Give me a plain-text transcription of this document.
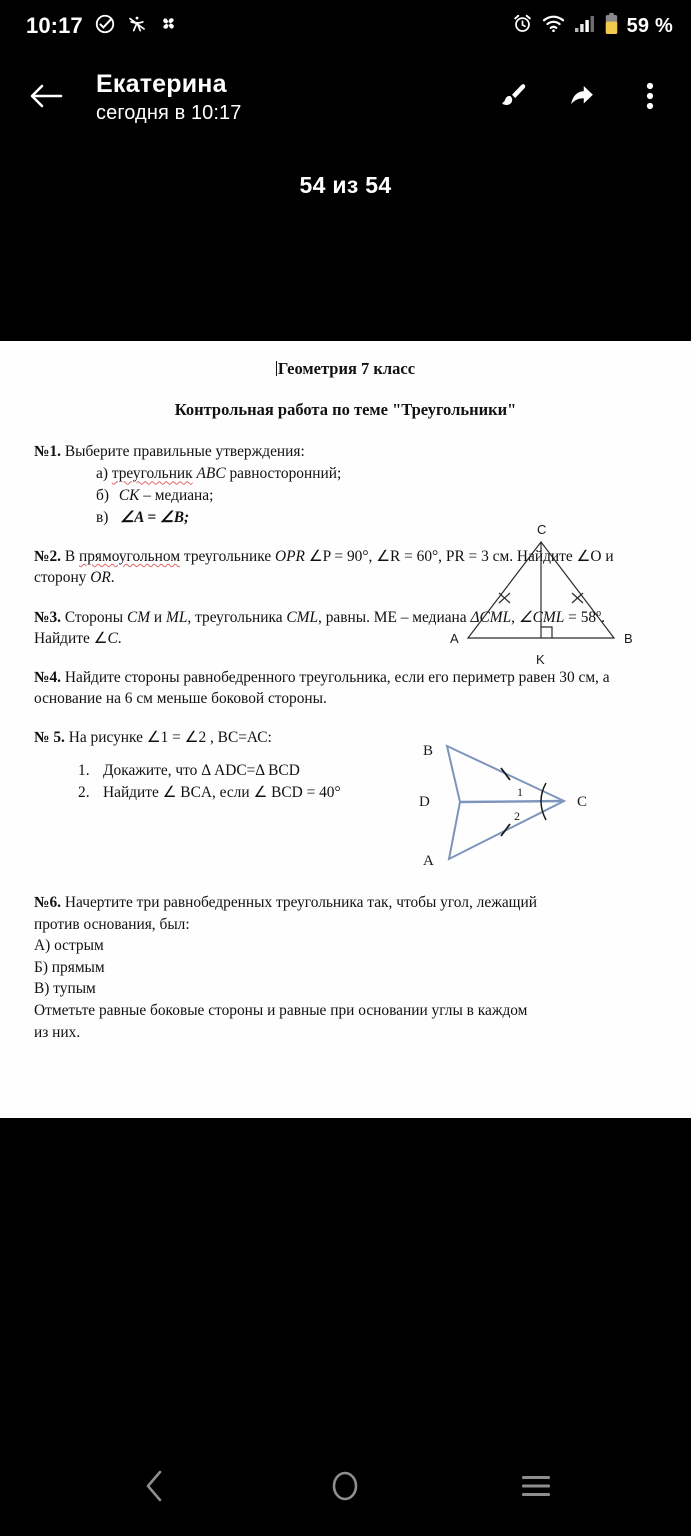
10:17	59 %
Екатерина
сегодня в 10:17
54 из 54
Геометрия 7 класс
Контрольная работа по теме "Треугольники"
№1. Выберите правильные утверждения:
а) треугольник ABC равносторонний;
б) CK – медиана;
в) ∠A = ∠B;
C
A	B
K
№2. В прямоугольном треугольнике OPR ∠P = 90°, ∠R = 60°, PR = 3 см. Найдите ∠O и сторону OR.
№3. Стороны CM и ML, треугольника CML, равны. ME – медиана ΔCML, ∠CML = $58^о$. Найдите ∠C.
№4. Найдите стороны равнобедренного треугольника, если его периметр равен 30 см, а основание на 6 см меньше боковой стороны.
№ 5. На рисунке ∠1 = ∠2 , ВС=АС:
1. Докажите, что Δ ADC=Δ BCD
2. Найдите ∠ BCA, если ∠ BCD = 40°
B
D
A
C
1
2
№6. Начертите три равнобедренных треугольника так, чтобы угол, лежащий
против основания, был:
А) острым
Б) прямым
В) тупым
Отметьте равные боковые стороны и равные при основании углы в каждом
из них.
